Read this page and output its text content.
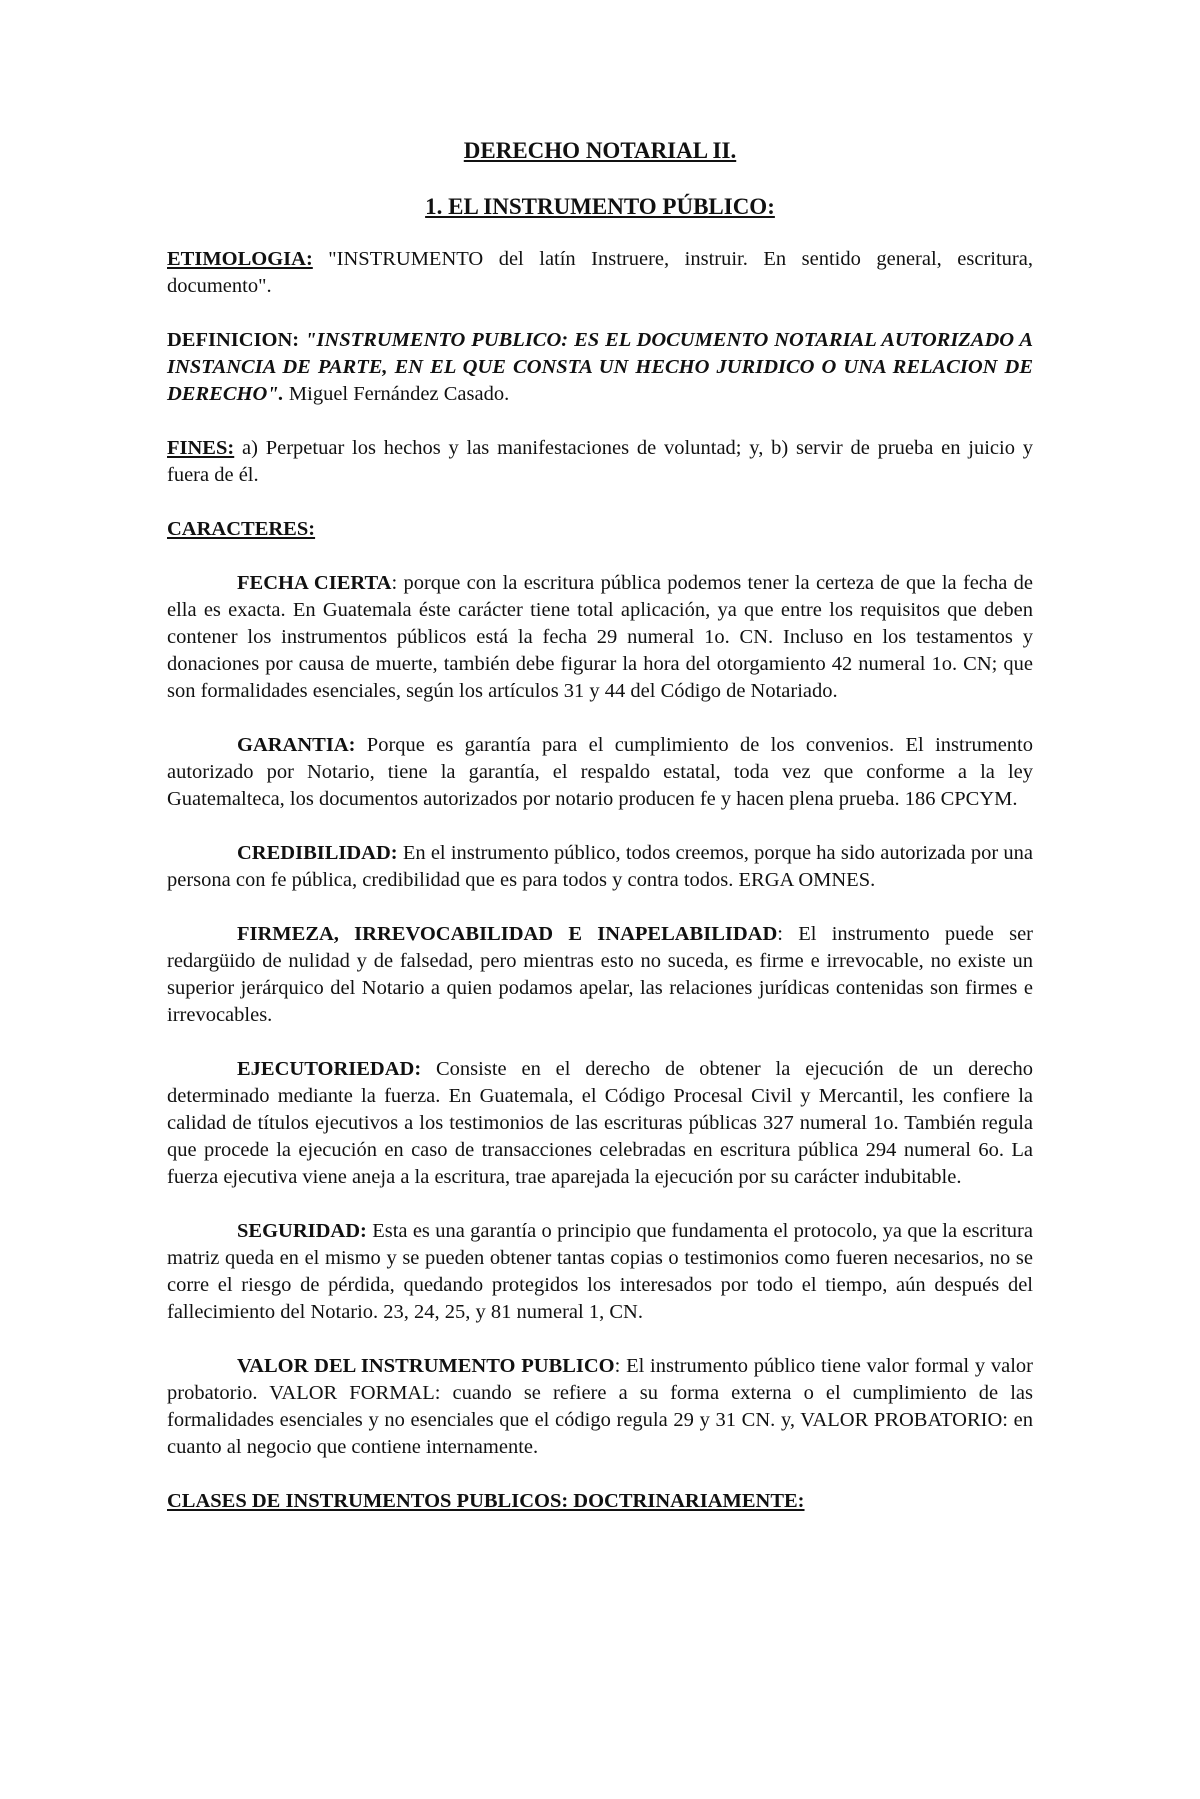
DERECHO NOTARIAL II.
1. EL INSTRUMENTO PÚBLICO:

ETIMOLOGIA: "INSTRUMENTO del latín Instruere, instruir. En sentido general, escritura, documento".

DEFINICION: "INSTRUMENTO PUBLICO: ES EL DOCUMENTO NOTARIAL AUTORIZADO A INSTANCIA DE PARTE, EN EL QUE CONSTA UN HECHO JURIDICO O UNA RELACION DE DERECHO". Miguel Fernández Casado.

FINES: a) Perpetuar los hechos y las manifestaciones de voluntad; y, b) servir de prueba en juicio y fuera de él.

CARACTERES:

FECHA CIERTA: porque con la escritura pública podemos tener la certeza de que la fecha de ella es exacta. En Guatemala éste carácter tiene total aplicación, ya que entre los requisitos que deben contener los instrumentos públicos está la fecha 29 numeral 1o. CN. Incluso en los testamentos y donaciones por causa de muerte, también debe figurar la hora del otorgamiento 42 numeral 1o. CN; que son formalidades esenciales, según los artículos 31 y 44 del Código de Notariado.

GARANTIA: Porque es garantía para el cumplimiento de los convenios. El instrumento autorizado por Notario, tiene la garantía, el respaldo estatal, toda vez que conforme a la ley Guatemalteca, los documentos autorizados por notario producen fe y hacen plena prueba. 186 CPCYM.

CREDIBILIDAD: En el instrumento público, todos creemos, porque ha sido autorizada por una persona con fe pública, credibilidad que es para todos y contra todos. ERGA OMNES.

FIRMEZA, IRREVOCABILIDAD E INAPELABILIDAD: El instrumento puede ser redargüido de nulidad y de falsedad, pero mientras esto no suceda, es firme e irrevocable, no existe un superior jerárquico del Notario a quien podamos apelar, las relaciones jurídicas contenidas son firmes e irrevocables.

EJECUTORIEDAD: Consiste en el derecho de obtener la ejecución de un derecho determinado mediante la fuerza. En Guatemala, el Código Procesal Civil y Mercantil, les confiere la calidad de títulos ejecutivos a los testimonios de las escrituras públicas 327 numeral 1o. También regula que procede la ejecución en caso de transacciones celebradas en escritura pública 294 numeral 6o. La fuerza ejecutiva viene aneja a la escritura, trae aparejada la ejecución por su carácter indubitable.

SEGURIDAD: Esta es una garantía o principio que fundamenta el protocolo, ya que la escritura matriz queda en el mismo y se pueden obtener tantas copias o testimonios como fueren necesarios, no se corre el riesgo de pérdida, quedando protegidos los interesados por todo el tiempo, aún después del fallecimiento del Notario. 23, 24, 25, y 81 numeral 1, CN.

VALOR DEL INSTRUMENTO PUBLICO: El instrumento público tiene valor formal y valor probatorio. VALOR FORMAL: cuando se refiere a su forma externa o el cumplimiento de las formalidades esenciales y no esenciales que el código regula 29 y 31 CN. y, VALOR PROBATORIO: en cuanto al negocio que contiene internamente.

CLASES DE INSTRUMENTOS PUBLICOS: DOCTRINARIAMENTE:
